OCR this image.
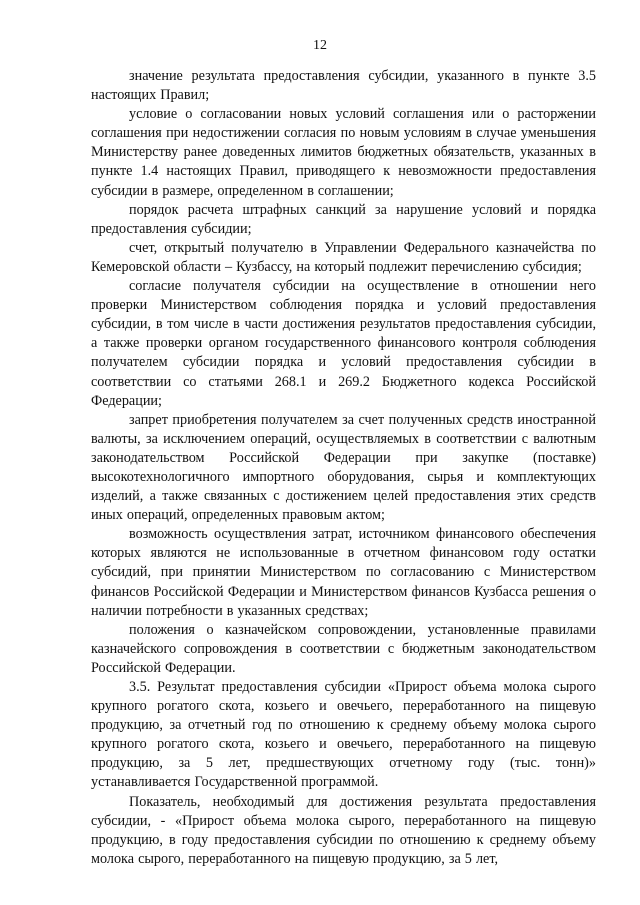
12

значение результата предоставления субсидии, указанного в пункте 3.5 настоящих Правил;

условие о согласовании новых условий соглашения или о расторжении соглашения при недостижении согласия по новым условиям в случае уменьшения Министерству ранее доведенных лимитов бюджетных обязательств, указанных в пункте 1.4 настоящих Правил, приводящего к невозможности предоставления субсидии в размере, определенном в соглашении;

порядок расчета штрафных санкций за нарушение условий и порядка предоставления субсидии;

счет, открытый получателю в Управлении Федерального казначейства по Кемеровской области – Кузбассу, на который подлежит перечислению субсидия;

согласие получателя субсидии на осуществление в отношении него проверки Министерством соблюдения порядка и условий предоставления субсидии, в том числе в части достижения результатов предоставления субсидии, а также проверки органом государственного финансового контроля соблюдения получателем субсидии порядка и условий предоставления субсидии в соответствии со статьями 268.1 и 269.2 Бюджетного кодекса Российской Федерации;

запрет приобретения получателем за счет полученных средств иностранной валюты, за исключением операций, осуществляемых в соответствии с валютным законодательством Российской Федерации при закупке (поставке) высокотехнологичного импортного оборудования, сырья и комплектующих изделий, а также связанных с достижением целей предоставления этих средств иных операций, определенных правовым актом;

возможность осуществления затрат, источником финансового обеспечения которых являются не использованные в отчетном финансовом году остатки субсидий, при принятии Министерством по согласованию с Министерством финансов Российской Федерации и Министерством финансов Кузбасса решения о наличии потребности в указанных средствах;

положения о казначейском сопровождении, установленные правилами казначейского сопровождения в соответствии с бюджетным законодательством Российской Федерации.

3.5. Результат предоставления субсидии «Прирост объема молока сырого крупного рогатого скота, козьего и овечьего, переработанного на пищевую продукцию, за отчетный год по отношению к среднему объему молока сырого крупного рогатого скота, козьего и овечьего, переработанного на пищевую продукцию, за 5 лет, предшествующих отчетному году (тыс. тонн)» устанавливается Государственной программой.

Показатель, необходимый для достижения результата предоставления субсидии, - «Прирост объема молока сырого, переработанного на пищевую продукцию, в году предоставления субсидии по отношению к среднему объему молока сырого, переработанного на пищевую продукцию, за 5 лет,
